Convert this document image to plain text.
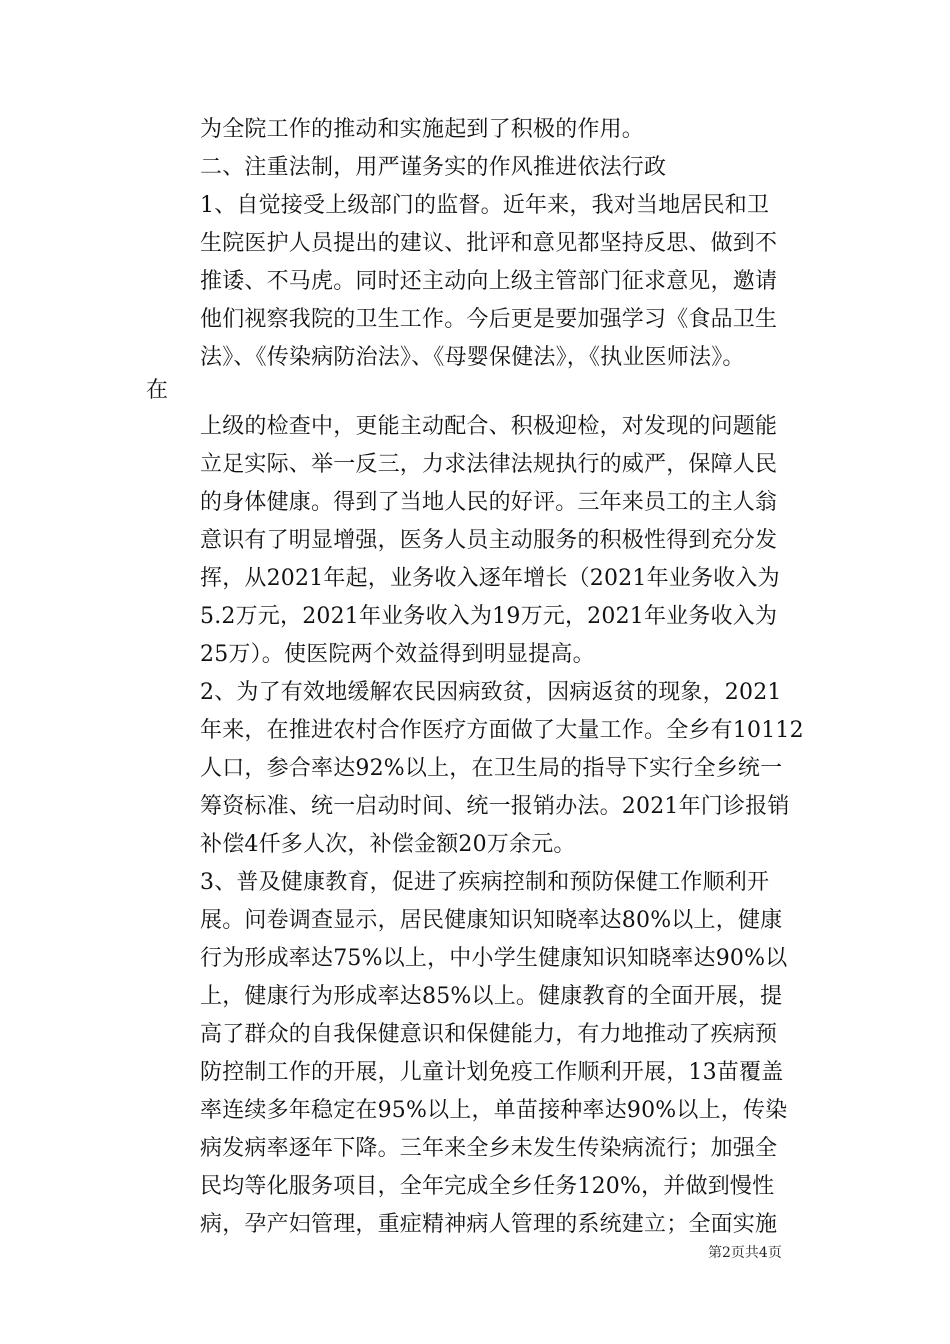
为全院工作的推动和实施起到了积极的作用。
二、注重法制，用严谨务实的作风推进依法行政
1、自觉接受上级部门的监督。近年来，我对当地居民和卫
生院医护人员提出的建议、批评和意见都坚持反思、做到不
推诿、不马虎。同时还主动向上级主管部门征求意见，邀请
他们视察我院的卫生工作。今后更是要加强学习《食品卫生
法》、《传染病防治法》、《母婴保健法》，《执业医师法》。
在
上级的检查中，更能主动配合、积极迎检，对发现的问题能
立足实际、举一反三，力求法律法规执行的威严，保障人民
的身体健康。得到了当地人民的好评。三年来员工的主人翁
意识有了明显增强，医务人员主动服务的积极性得到充分发
挥，从2021年起，业务收入逐年增长（2021年业务收入为
5.2万元，2021年业务收入为19万元，2021年业务收入为
25万）。使医院两个效益得到明显提高。
2、为了有效地缓解农民因病致贫，因病返贫的现象，2021
年来，在推进农村合作医疗方面做了大量工作。全乡有10112
人口，参合率达92%以上，在卫生局的指导下实行全乡统一
筹资标准、统一启动时间、统一报销办法。2021年门诊报销
补偿4仟多人次，补偿金额20万余元。
3、普及健康教育，促进了疾病控制和预防保健工作顺利开
展。问卷调查显示，居民健康知识知晓率达80%以上，健康
行为形成率达75%以上，中小学生健康知识知晓率达90%以
上，健康行为形成率达85%以上。健康教育的全面开展，提
高了群众的自我保健意识和保健能力，有力地推动了疾病预
防控制工作的开展，儿童计划免疫工作顺利开展，13苗覆盖
率连续多年稳定在95%以上，单苗接种率达90%以上，传染
病发病率逐年下降。三年来全乡未发生传染病流行；加强全
民均等化服务项目，全年完成全乡任务120%，并做到慢性
病，孕产妇管理，重症精神病人管理的系统建立；全面实施
第2页共4页
